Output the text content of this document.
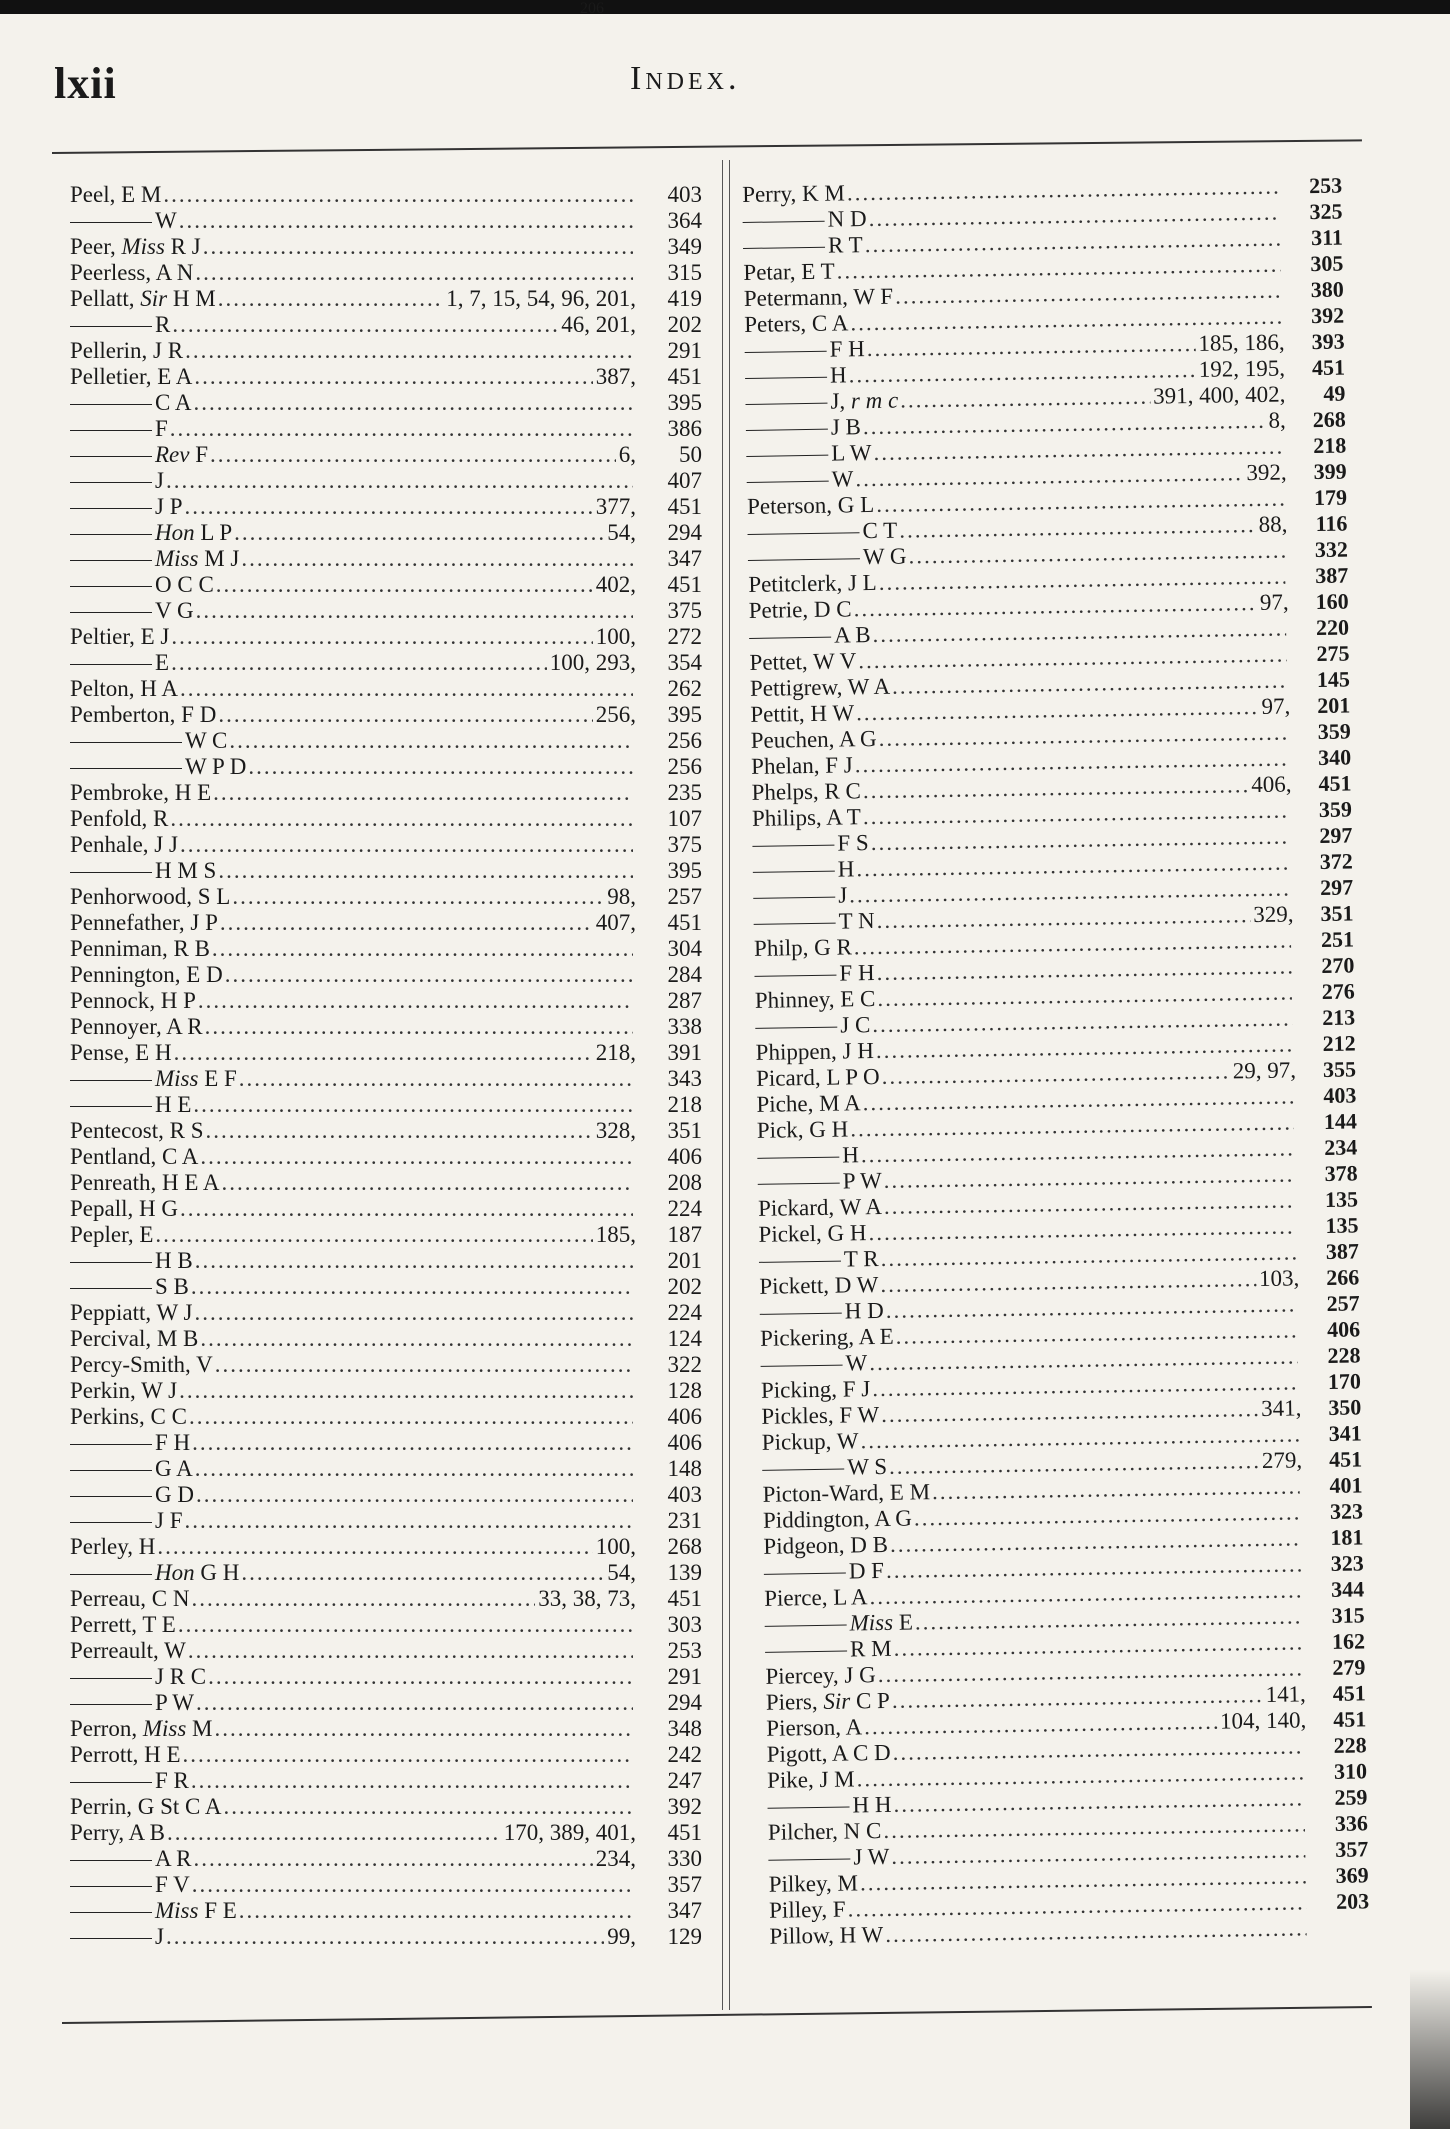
lxii	Index.
206
Peel, E M .....	403
W .....	364
Peer, Miss R J .....	349
Peerless, A N .....	315
Pellatt, Sir H M .....	1, 7, 15, 54, 96, 201,	419
R .....	46, 201,	202
Pellerin, J R .....	291
Pelletier, E A .....	387,	451
C A .....	395
F .....	386
Rev F .....	6,	50
J .....	407
J P .....	377,	451
Hon L P .....	54,	294
Miss M J .....	347
O C C .....	402,	451
V G .....	375
Peltier, E J .....	100,	272
E .....	100, 293,	354
Pelton, H A .....	262
Pemberton, F D .....	256,	395
W C .....	256
W P D .....	256
Pembroke, H E .....	235
Penfold, R .....	107
Penhale, J J .....	375
H M S .....	395
Penhorwood, S L .....	98,	257
Pennefather, J P .....	407,	451
Penniman, R B .....	304
Pennington, E D .....	284
Pennock, H P .....	287
Pennoyer, A R .....	338
Pense, E H .....	218,	391
Miss E F .....	343
H E .....	218
Pentecost, R S .....	328,	351
Pentland, C A .....	406
Penreath, H E A .....	208
Pepall, H G .....	224
Pepler, E .....	185,	187
H B .....	201
S B .....	202
Peppiatt, W J .....	224
Percival, M B .....	124
Percy-Smith, V .....	322
Perkin, W J .....	128
Perkins, C C .....	406
F H .....	406
G A .....	148
G D .....	403
J F .....	231
Perley, H .....	100,	268
Hon G H .....	54,	139
Perreau, C N .....	33, 38, 73,	451
Perrett, T E .....	303
Perreault, W .....	253
J R C .....	291
P W .....	294
Perron, Miss M .....	348
Perrott, H E .....	242
F R .....	247
Perrin, G St C A .....	392
Perry, A B .....	170, 389, 401,	451
A R .....	234,	330
F V .....	357
Miss F E .....	347
J .....	99,	129
Perry, K M .....	253
N D .....	325
R T .....	311
Petar, E T .....	305
Petermann, W F .....	380
Peters, C A .....	392
F H .....	185, 186,	393
H .....	192, 195,	451
J, r m c .....	391, 400, 402,	49
J B .....	8,	268
L W .....	218
W .....	392,	399
Peterson, G L .....	179
C T .....	88,	116
W G .....	332
Petitclerk, J L .....	387
Petrie, D C .....	97,	160
A B .....	220
Pettet, W V .....	275
Pettigrew, W A .....	145
Pettit, H W .....	97,	201
Peuchen, A G .....	359
Phelan, F J .....	340
Phelps, R C .....	406,	451
Philips, A T .....	359
F S .....	297
H .....	372
J .....	297
T N .....	329,	351
Philp, G R .....	251
F H .....	270
Phinney, E C .....	276
J C .....	213
Phippen, J H .....	212
Picard, L P O .....	29, 97,	355
Piche, M A .....	403
Pick, G H .....	144
H .....	234
P W .....	378
Pickard, W A .....	135
Pickel, G H .....	135
T R .....	387
Pickett, D W .....	103,	266
H D .....	257
Pickering, A E .....	406
W .....	228
Picking, F J .....	170
Pickles, F W .....	341,	350
Pickup, W .....	341
W S .....	279,	451
Picton-Ward, E M .....	401
Piddington, A G .....	323
Pidgeon, D B .....	181
D F .....	323
Pierce, L A .....	344
Miss E .....	315
R M .....	162
Piercey, J G .....	279
Piers, Sir C P .....	141,	451
Pierson, A .....	104, 140,	451
Pigott, A C D .....	228
Pike, J M .....	310
H H .....	259
Pilcher, N C .....	336
J W .....	357
Pilkey, M .....	369
Pilley, F .....	203
Pillow, H W
.....
